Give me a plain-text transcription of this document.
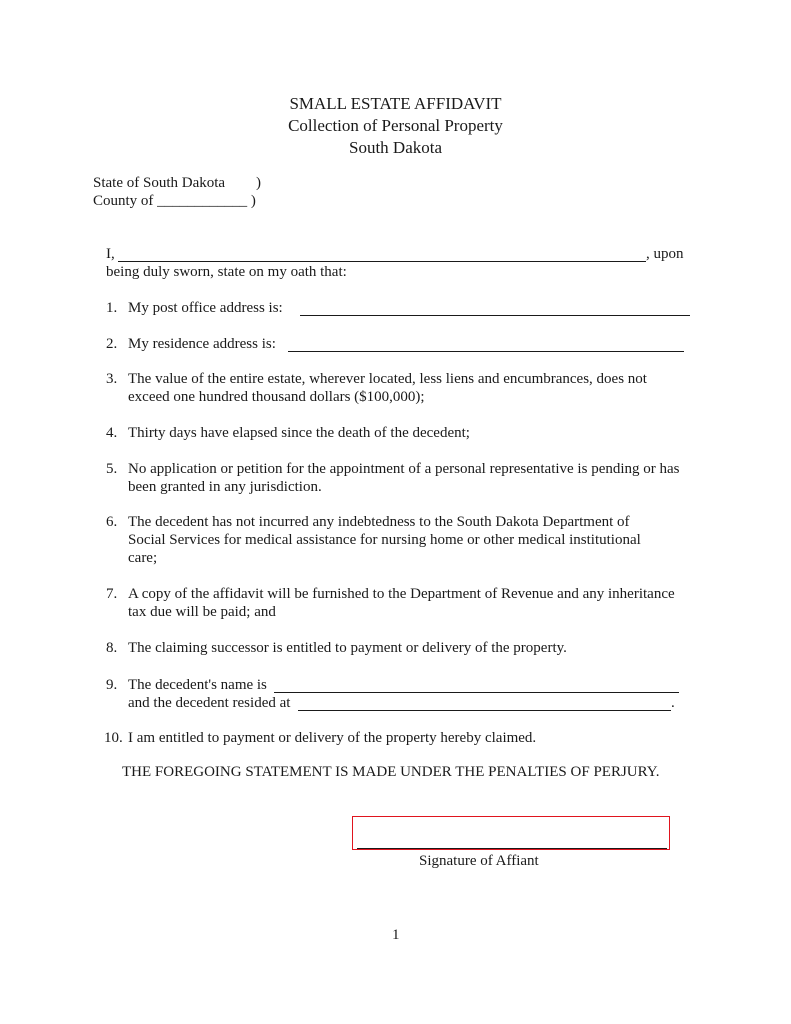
SMALL ESTATE AFFIDAVIT
Collection of Personal Property
South Dakota
State of South Dakota )
County of ____________ )
I,	, upon
being duly sworn, state on my oath that:
1. My post office address is:
2. My residence address is:
3. The value of the entire estate, wherever located, less liens and encumbrances, does not
exceed one hundred thousand dollars ($100,000);
4. Thirty days have elapsed since the death of the decedent;
5. No application or petition for the appointment of a personal representative is pending or has
been granted in any jurisdiction.
6. The decedent has not incurred any indebtedness to the South Dakota Department of
Social Services for medical assistance for nursing home or other medical institutional
care;
7. A copy of the affidavit will be furnished to the Department of Revenue and any inheritance
tax due will be paid; and
8. The claiming successor is entitled to payment or delivery of the property.
9. The decedent's name is
and the decedent resided at	.
10. I am entitled to payment or delivery of the property hereby claimed.
THE FOREGOING STATEMENT IS MADE UNDER THE PENALTIES OF PERJURY.
Signature of Affiant
1
